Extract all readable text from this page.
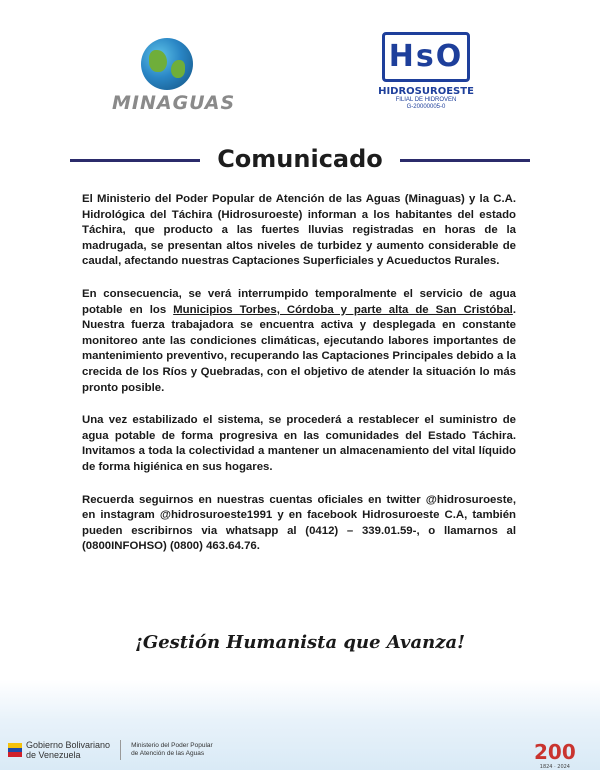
MINAGUAS
HsO
HIDROSUROESTE
FILIAL DE HIDROVEN
G-20000005-0
Comunicado

El Ministerio del Poder Popular de Atención de las Aguas (Minaguas) y la C.A. Hidrológica del Táchira (Hidrosuroeste) informan a los habitantes del estado Táchira, que producto a las fuertes lluvias registradas en horas de la madrugada, se presentan altos niveles de turbidez y aumento considerable de caudal, afectando nuestras Captaciones Superficiales y Acueductos Rurales.

En consecuencia, se verá interrumpido temporalmente el servicio de agua potable en los Municipios Torbes, Córdoba y parte alta de San Cristóbal. Nuestra fuerza trabajadora se encuentra activa y desplegada en constante monitoreo ante las condiciones climáticas, ejecutando labores importantes de mantenimiento preventivo, recuperando las Captaciones Principales debido a la crecida de los Ríos y Quebradas, con el objetivo de atender la situación lo más pronto posible.

Una vez estabilizado el sistema, se procederá a restablecer el suministro de agua potable de forma progresiva en las comunidades del Estado Táchira. Invitamos a toda la colectividad a mantener un almacenamiento del vital líquido de forma higiénica en sus hogares.

Recuerda seguirnos en nuestras cuentas oficiales en twitter @hidrosuroeste, en instagram @hidrosuroeste1991 y en facebook Hidrosuroeste C.A, también pueden escribirnos via whatsapp al (0412) – 339.01.59-, o llamarnos al (0800INFOHSO) (0800) 463.64.76.

¡Gestión Humanista que Avanza!
Gobierno Bolivariano
de Venezuela
Ministerio del Poder Popular
de Atención de las Aguas	200
1824 · 2024
